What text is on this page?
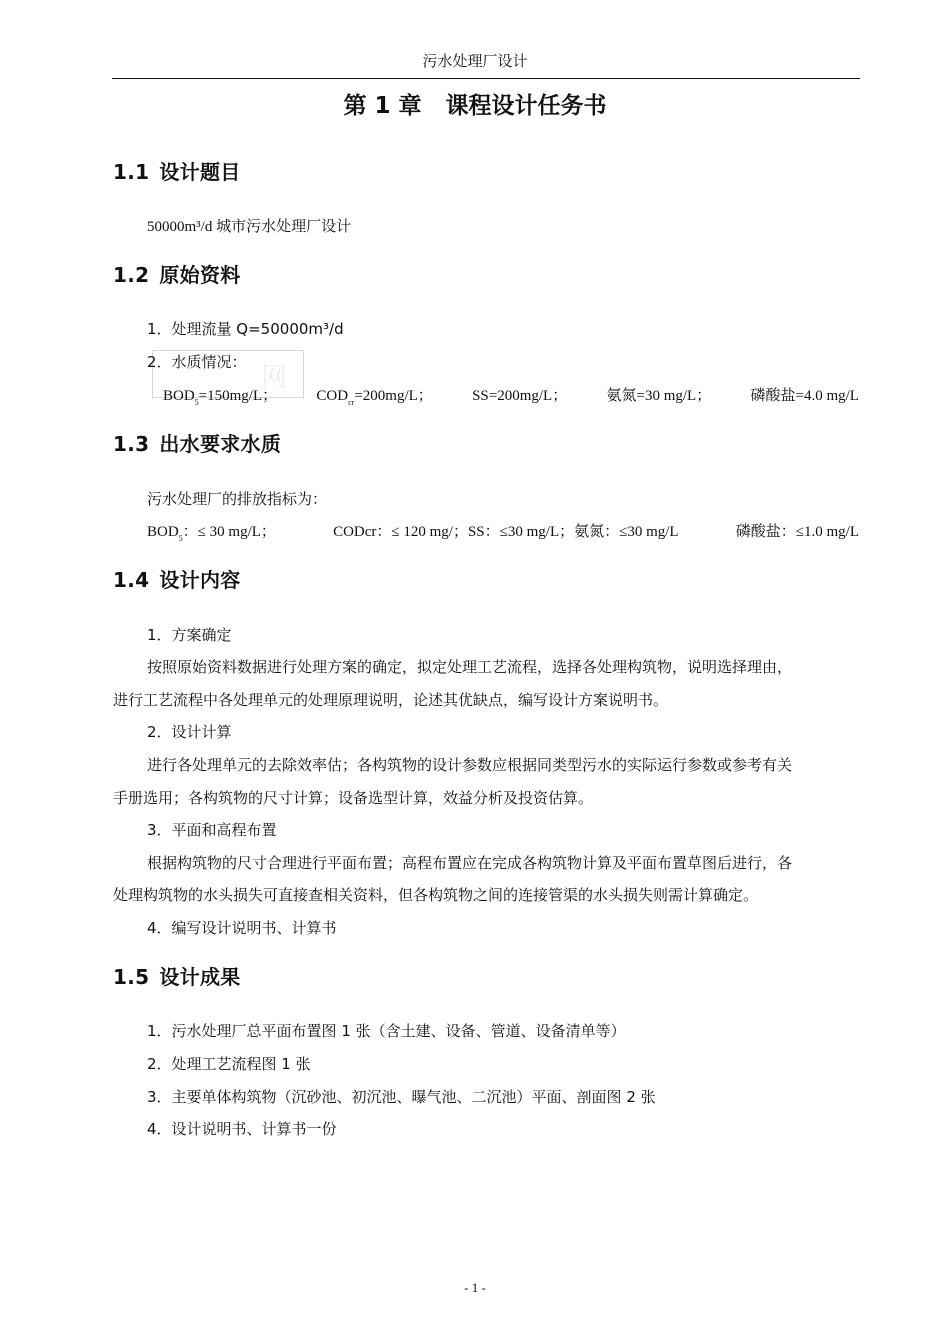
污水处理厂设计
第 1 章 课程设计任务书
1.1 设计题目
50000m³/d 城市污水处理厂设计
1.2 原始资料
1．处理流量 Q=50000m³/d
网
2．水质情况：
$BOD_5=150mg/L$；	$COD_{cr}=200mg/L$；	SS=200mg/L；	氨氮=30 mg/L；	磷酸盐=4.0 mg/L
1.3 出水要求水质
污水处理厂的排放指标为：
$BOD_5$：≤ 30 mg/L；	CODcr：≤ 120 mg/；SS：≤30 mg/L；氨氮：≤30 mg/L	磷酸盐：≤1.0 mg/L
1.4 设计内容
1．方案确定
按照原始资料数据进行处理方案的确定，拟定处理工艺流程，选择各处理构筑物，说明选择理由，
进行工艺流程中各处理单元的处理原理说明，论述其优缺点，编写设计方案说明书。
2．设计计算
进行各处理单元的去除效率估；各构筑物的设计参数应根据同类型污水的实际运行参数或参考有关
手册选用；各构筑物的尺寸计算；设备选型计算，效益分析及投资估算。
3．平面和高程布置
根据构筑物的尺寸合理进行平面布置；高程布置应在完成各构筑物计算及平面布置草图后进行，各
处理构筑物的水头损失可直接查相关资料，但各构筑物之间的连接管渠的水头损失则需计算确定。
4．编写设计说明书、计算书
1.5 设计成果
1．污水处理厂总平面布置图 1 张（含土建、设备、管道、设备清单等）
2．处理工艺流程图 1 张
3．主要单体构筑物（沉砂池、初沉池、曝气池、二沉池）平面、剖面图 2 张
4．设计说明书、计算书一份
- 1 -
